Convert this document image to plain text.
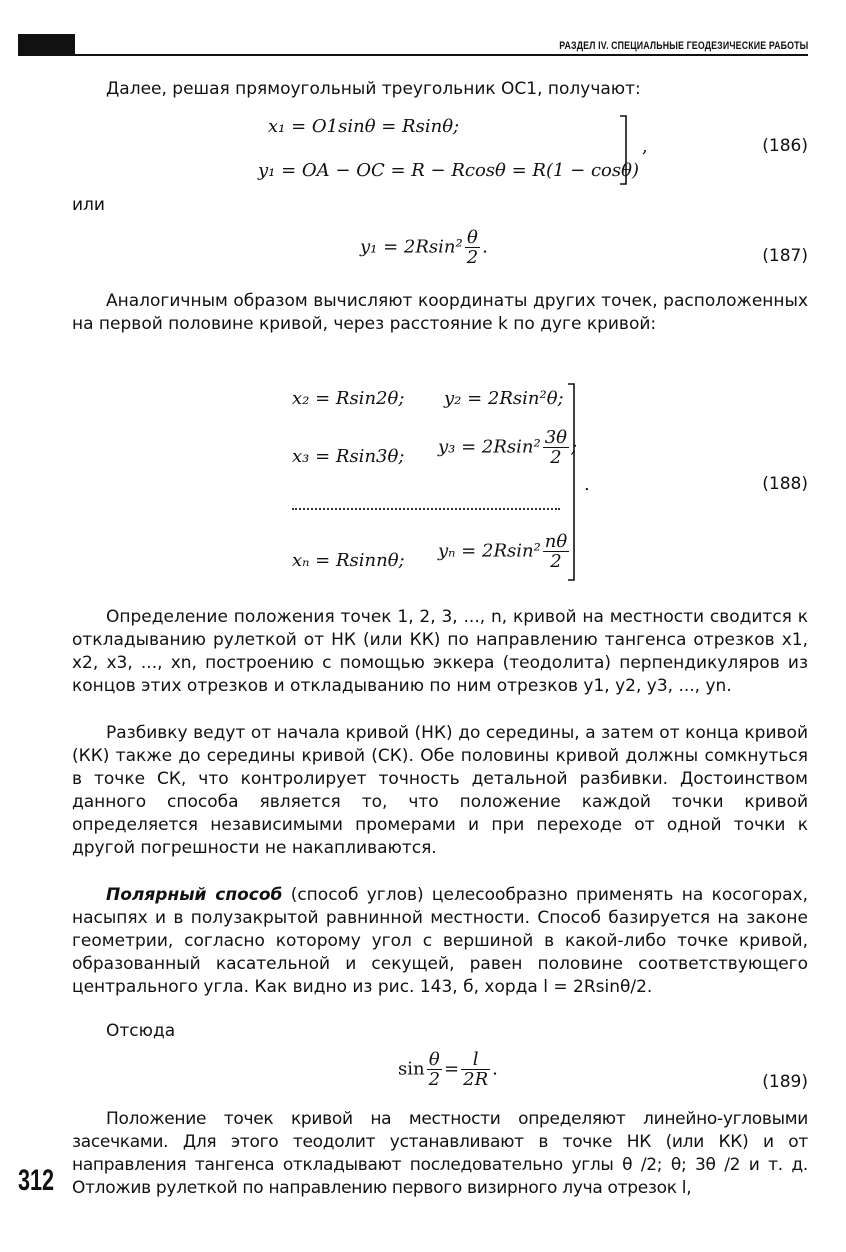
РАЗДЕЛ IV. СПЕЦИАЛЬНЫЕ ГЕОДЕЗИЧЕСКИЕ РАБОТЫ

Далее, решая прямоугольный треугольник OC1, получают:

x₁ = O1sinθ = Rsinθ;
y₁ = OA − OC = R − Rcosθ = R(1 − cosθ)
,	(186)
или
$y_1 = 2Rsin^2 \frac{\theta}{2}$ .	(187)

Аналогичным образом вычисляют координаты других точек, расположенных на первой половине кривой, через расстояние k по дуге кривой:

x₂ = Rsin2θ; y₂ = 2Rsin²θ;
x₃ = Rsin3θ; $y_3 = 2Rsin^2 \frac{3\theta}{2}$ ;
xₙ = Rsinnθ; $y_n = 2Rsin^2 \frac{n\theta}{2}$
.	(188)

Определение положения точек 1, 2, 3, ..., n, кривой на местности сводится к откладыванию рулеткой от НК (или КК) по направлению тангенса отрезков x1, x2, x3, ..., xn, построению с помощью эккера (теодолита) перпендикуляров из концов этих отрезков и откладыванию по ним отрезков y1, y2, y3, ..., yn.

Разбивку ведут от начала кривой (НК) до середины, а затем от конца кривой (КК) также до середины кривой (СК). Обе половины кривой должны сомкнуться в точке СК, что контролирует точность детальной разбивки. Достоинством данного способа является то, что положение каждой точки кривой определяется независимыми промерами и при переходе от одной точки к другой погрешности не накапливаются.

Полярный способ (способ углов) целесообразно применять на косогорах, насыпях и в полузакрытой равнинной местности. Способ базируется на законе геометрии, согласно которому угол с вершиной в какой-либо точке кривой, образованный касательной и секущей, равен половине соответствующего центрального угла. Как видно из рис. 143, б, хорда l = 2Rsinθ/2.

Отсюда

$\sin \frac{\theta}{2} = \frac{l}{2R}$ .
(189)

Положение точек кривой на местности определяют линейно-угловыми засечками. Для этого теодолит устанавливают в точке НК (или КК) и от направления тангенса откладывают последовательно углы θ /2; θ; 3θ /2 и т. д. Отложив рулеткой по направлению первого визирного луча отрезок l,

312
